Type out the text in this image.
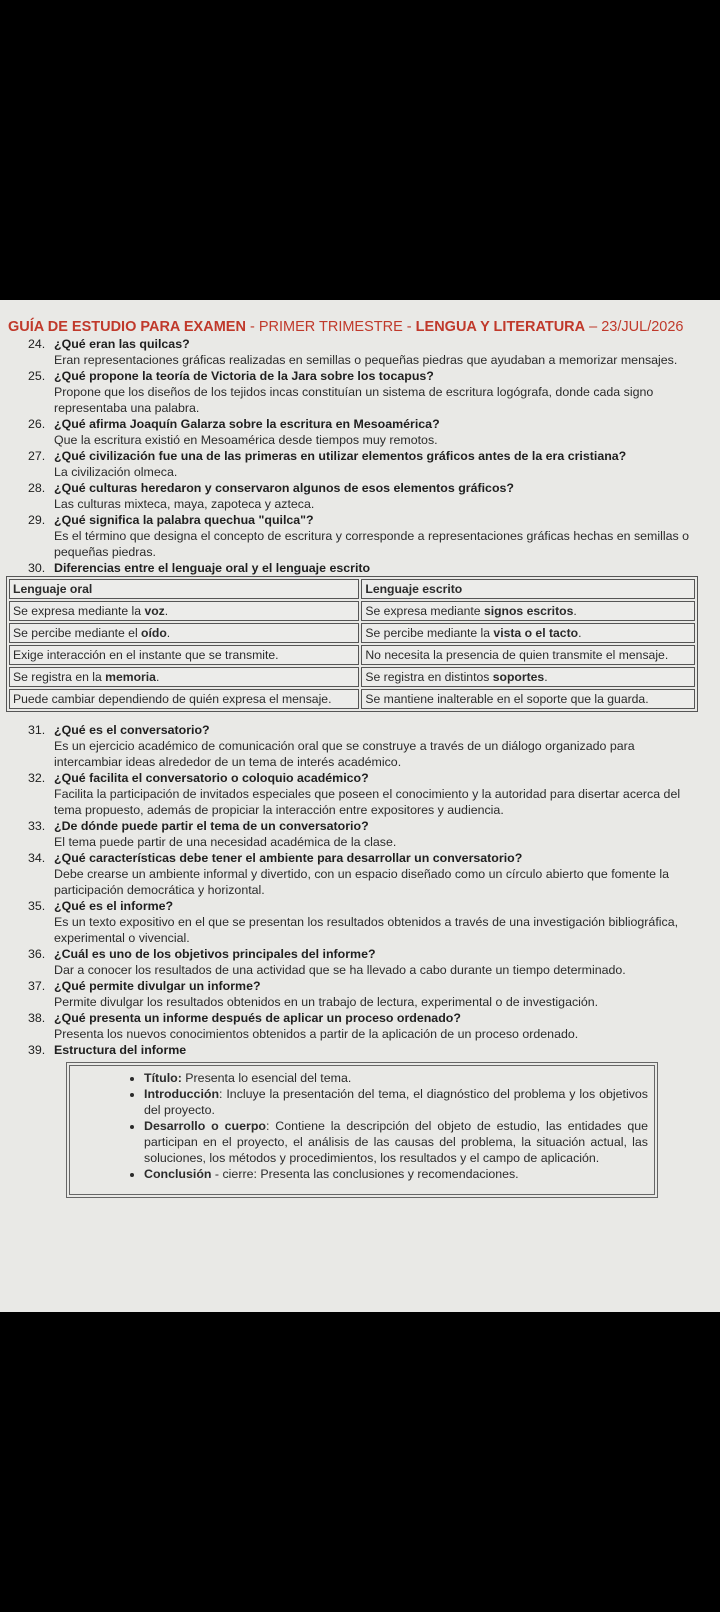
GUÍA DE ESTUDIO PARA EXAMEN - PRIMER TRIMESTRE - LENGUA Y LITERATURA – 23/JUL/2026
24. ¿Qué eran las quilcas?
Eran representaciones gráficas realizadas en semillas o pequeñas piedras que ayudaban a memorizar mensajes.
25. ¿Qué propone la teoría de Victoria de la Jara sobre los tocapus?
Propone que los diseños de los tejidos incas constituían un sistema de escritura logógrafa, donde cada signo representaba una palabra.
26. ¿Qué afirma Joaquín Galarza sobre la escritura en Mesoamérica?
Que la escritura existió en Mesoamérica desde tiempos muy remotos.
27. ¿Qué civilización fue una de las primeras en utilizar elementos gráficos antes de la era cristiana?
La civilización olmeca.
28. ¿Qué culturas heredaron y conservaron algunos de esos elementos gráficos?
Las culturas mixteca, maya, zapoteca y azteca.
29. ¿Qué significa la palabra quechua "quilca"?
Es el término que designa el concepto de escritura y corresponde a representaciones gráficas hechas en semillas o pequeñas piedras.
30. Diferencias entre el lenguaje oral y el lenguaje escrito
Lenguaje oral	Lenguaje escrito
Se expresa mediante la voz.	Se expresa mediante signos escritos.
Se percibe mediante el oído.	Se percibe mediante la vista o el tacto.
Exige interacción en el instante que se transmite.	No necesita la presencia de quien transmite el mensaje.
Se registra en la memoria.	Se registra en distintos soportes.
Puede cambiar dependiendo de quién expresa el mensaje.	Se mantiene inalterable en el soporte que la guarda.
31. ¿Qué es el conversatorio?
Es un ejercicio académico de comunicación oral que se construye a través de un diálogo organizado para intercambiar ideas alrededor de un tema de interés académico.
32. ¿Qué facilita el conversatorio o coloquio académico?
Facilita la participación de invitados especiales que poseen el conocimiento y la autoridad para disertar acerca del tema propuesto, además de propiciar la interacción entre expositores y audiencia.
33. ¿De dónde puede partir el tema de un conversatorio?
El tema puede partir de una necesidad académica de la clase.
34. ¿Qué características debe tener el ambiente para desarrollar un conversatorio?
Debe crearse un ambiente informal y divertido, con un espacio diseñado como un círculo abierto que fomente la participación democrática y horizontal.
35. ¿Qué es el informe?
Es un texto expositivo en el que se presentan los resultados obtenidos a través de una investigación bibliográfica, experimental o vivencial.
36. ¿Cuál es uno de los objetivos principales del informe?
Dar a conocer los resultados de una actividad que se ha llevado a cabo durante un tiempo determinado.
37. ¿Qué permite divulgar un informe?
Permite divulgar los resultados obtenidos en un trabajo de lectura, experimental o de investigación.
38. ¿Qué presenta un informe después de aplicar un proceso ordenado?
Presenta los nuevos conocimientos obtenidos a partir de la aplicación de un proceso ordenado.
39. Estructura del informe
• Título: Presenta lo esencial del tema.
• Introducción: Incluye la presentación del tema, el diagnóstico del problema y los objetivos del proyecto.
• Desarrollo o cuerpo: Contiene la descripción del objeto de estudio, las entidades que participan en el proyecto, el análisis de las causas del problema, la situación actual, las soluciones, los métodos y procedimientos, los resultados y el campo de aplicación.
• Conclusión - cierre: Presenta las conclusiones y recomendaciones.
